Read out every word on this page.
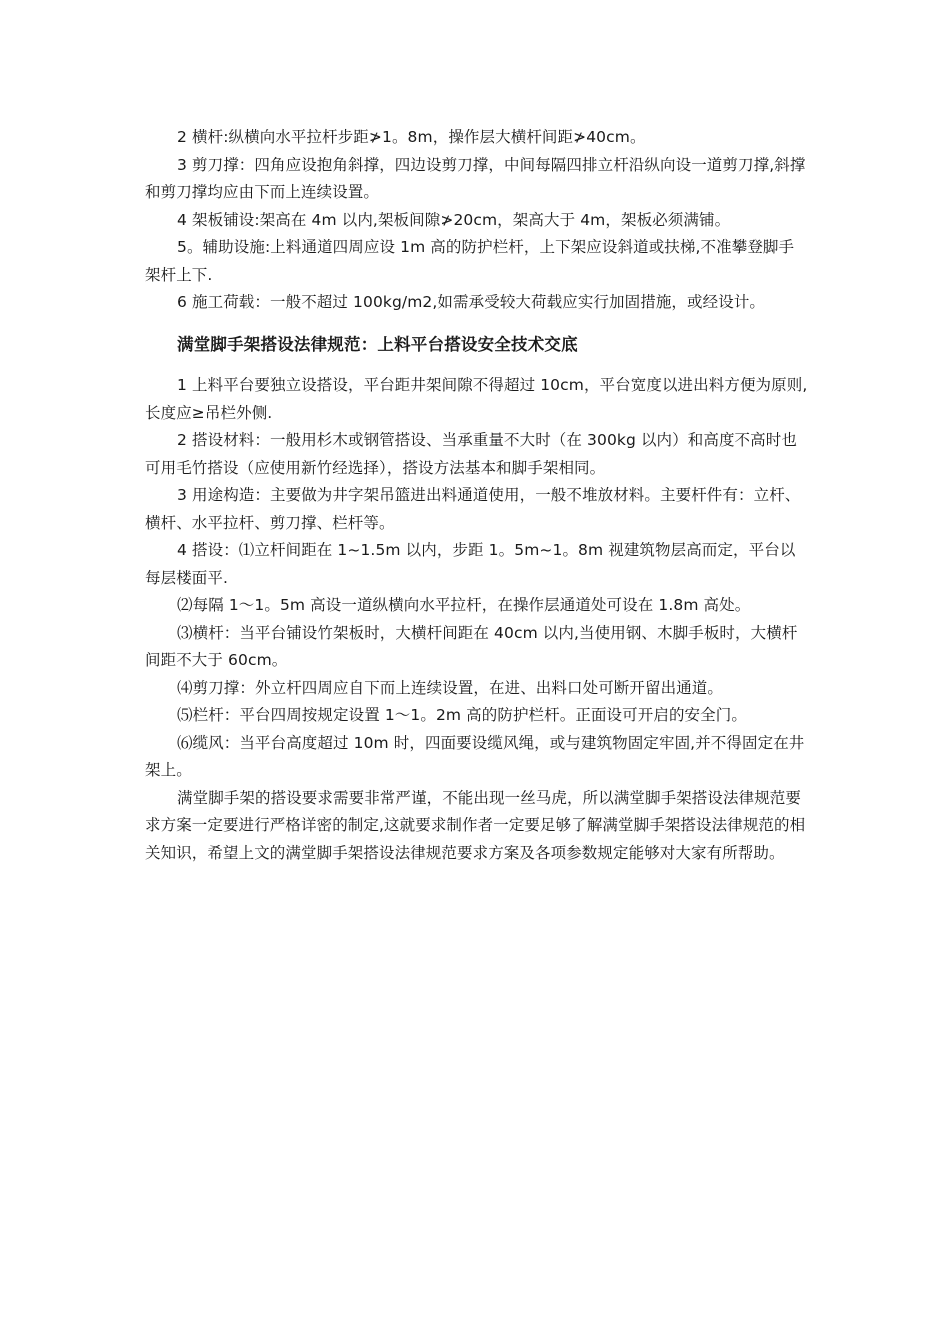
2 横杆:纵横向水平拉杆步距≯1。8m，操作层大横杆间距≯40cm。

3 剪刀撑：四角应设抱角斜撑，四边设剪刀撑，中间每隔四排立杆沿纵向设一道剪刀撑,斜撑和剪刀撑均应由下而上连续设置。

4 架板铺设:架高在 4m 以内,架板间隙≯20cm，架高大于 4m，架板必须满铺。

5。辅助设施:上料通道四周应设 1m 高的防护栏杆，上下架应设斜道或扶梯,不准攀登脚手架杆上下.

6 施工荷载：一般不超过 100kg/m2,如需承受较大荷载应实行加固措施，或经设计。

满堂脚手架搭设法律规范：上料平台搭设安全技术交底

1 上料平台要独立设搭设，平台距井架间隙不得超过 10cm，平台宽度以进出料方便为原则,长度应≥吊栏外侧.

2 搭设材料：一般用杉木或钢管搭设、当承重量不大时（在 300kg 以内）和高度不高时也可用毛竹搭设（应使用新竹经选择），搭设方法基本和脚手架相同。

3 用途构造：主要做为井字架吊篮进出料通道使用，一般不堆放材料。主要杆件有：立杆、横杆、水平拉杆、剪刀撑、栏杆等。

4 搭设：⑴立杆间距在 1~1.5m 以内，步距 1。5m~1。8m 视建筑物层高而定，平台以每层楼面平.

⑵每隔 1～1。5m 高设一道纵横向水平拉杆，在操作层通道处可设在 1.8m 高处。

⑶横杆：当平台铺设竹架板时，大横杆间距在 40cm 以内,当使用钢、木脚手板时，大横杆间距不大于 60cm。

⑷剪刀撑：外立杆四周应自下而上连续设置，在进、出料口处可断开留出通道。

⑸栏杆：平台四周按规定设置 1～1。2m 高的防护栏杆。正面设可开启的安全门。

⑹缆风：当平台高度超过 10m 时，四面要设缆风绳，或与建筑物固定牢固,并不得固定在井架上。

满堂脚手架的搭设要求需要非常严谨，不能出现一丝马虎，所以满堂脚手架搭设法律规范要求方案一定要进行严格详密的制定,这就要求制作者一定要足够了解满堂脚手架搭设法律规范的相关知识，希望上文的满堂脚手架搭设法律规范要求方案及各项参数规定能够对大家有所帮助。
